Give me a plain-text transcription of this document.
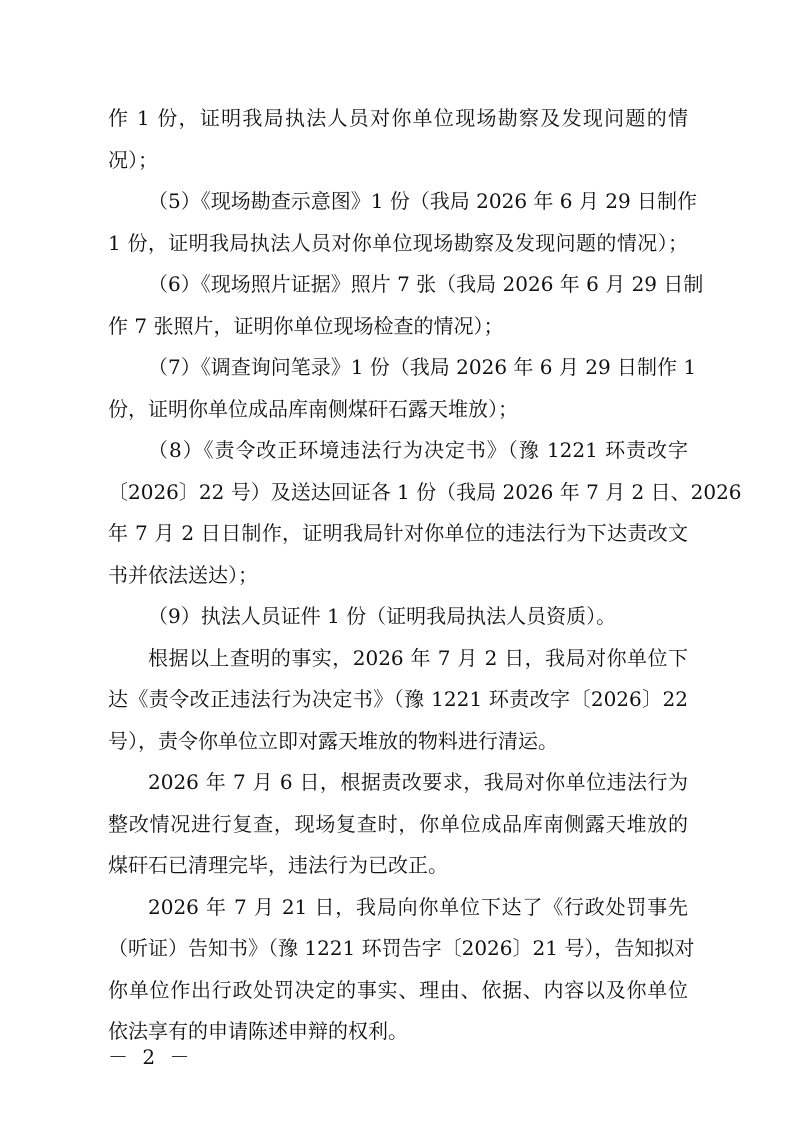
作 1 份，证明我局执法人员对你单位现场勘察及发现问题的情
况）；
（5）《现场勘查示意图》1 份（我局 2026 年 6 月 29 日制作
1 份，证明我局执法人员对你单位现场勘察及发现问题的情况）；
（6）《现场照片证据》照片 7 张（我局 2026 年 6 月 29 日制
作 7 张照片，证明你单位现场检查的情况）；
（7）《调查询问笔录》1 份（我局 2026 年 6 月 29 日制作 1
份，证明你单位成品库南侧煤矸石露天堆放）；
（8）《责令改正环境违法行为决定书》（豫 1221 环责改字
〔2026〕22 号）及送达回证各 1 份（我局 2026 年 7 月 2 日、2026
年 7 月 2 日日制作，证明我局针对你单位的违法行为下达责改文
书并依法送达）；
（9）执法人员证件 1 份（证明我局执法人员资质）。
根据以上查明的事实，2026 年 7 月 2 日，我局对你单位下
达《责令改正违法行为决定书》（豫 1221 环责改字〔2026〕22
号），责令你单位立即对露天堆放的物料进行清运。
2026 年 7 月 6 日，根据责改要求，我局对你单位违法行为
整改情况进行复查，现场复查时，你单位成品库南侧露天堆放的
煤矸石已清理完毕，违法行为已改正。
2026 年 7 月 21 日，我局向你单位下达了《行政处罚事先
（听证）告知书》（豫 1221 环罚告字〔2026〕21 号），告知拟对
你单位作出行政处罚决定的事实、理由、依据、内容以及你单位
依法享有的申请陈述申辩的权利。
－ 2 －
